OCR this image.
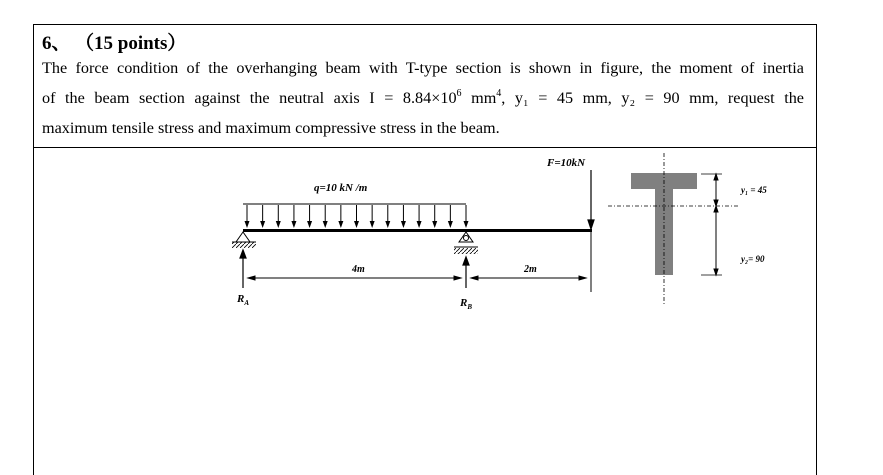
6、 （15 points）
The force condition of the overhanging beam with T-type section is shown in figure, the moment of inertia
of the beam section against the neutral axis $I = 8.84\times 10^6$ $mm^4$, y₁ = 45 mm, y₂ = 90 mm, request the
maximum tensile stress and maximum compressive stress in the beam.
q=10 kN /m
F=10kN
4m	2m
$R_A$	$R_B$
y₁ = 45
y₂= 90
